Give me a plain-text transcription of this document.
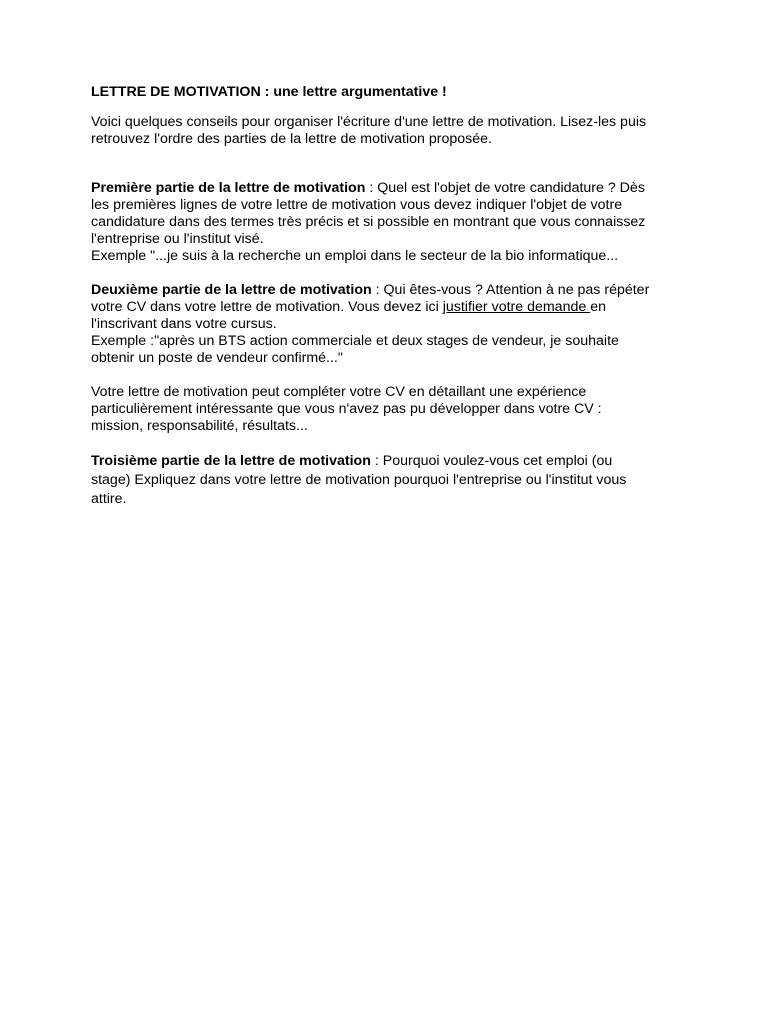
LETTRE DE MOTIVATION : une lettre argumentative !
Voici quelques conseils pour organiser l'écriture d'une lettre de motivation. Lisez-les puis
retrouvez l'ordre des parties de la lettre de motivation proposée.
Première partie de la lettre de motivation : Quel est l'objet de votre candidature ? Dès
les premières lignes de votre lettre de motivation vous devez indiquer l'objet de votre
candidature dans des termes très précis et si possible en montrant que vous connaissez
l'entreprise ou l'institut visé.
Exemple "...je suis à la recherche un emploi dans le secteur de la bio informatique...
Deuxième partie de la lettre de motivation : Qui êtes-vous ? Attention à ne pas répéter
votre CV dans votre lettre de motivation. Vous devez ici justifier votre demande en
l'inscrivant dans votre cursus.
Exemple :"après un BTS action commerciale et deux stages de vendeur, je souhaite
obtenir un poste de vendeur confirmé..."
Votre lettre de motivation peut compléter votre CV en détaillant une expérience
particulièrement intéressante que vous n'avez pas pu développer dans votre CV :
mission, responsabilité, résultats...
Troisième partie de la lettre de motivation : Pourquoi voulez-vous cet emploi (ou
stage) Expliquez dans votre lettre de motivation pourquoi l'entreprise ou l'institut vous
attire.
